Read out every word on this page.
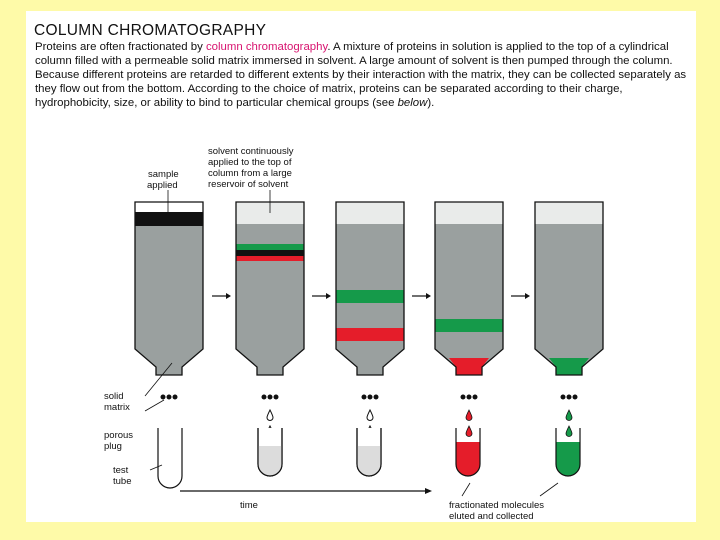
COLUMN CHROMATOGRAPHY
Proteins are often fractionated by column chromatography. A mixture of proteins in solution is applied to the top of a cylindrical column filled with a permeable solid matrix immersed in solvent. A large amount of solvent is then pumped through the column. Because different proteins are retarded to different extents by their interaction with the matrix, they can be collected separately as they flow out from the bottom. According to the choice of matrix, proteins can be separated according to their charge, hydrophobicity, size, or ability to bind to particular chemical groups (see below).
sample
applied
solvent continuously
applied to the top of
column from a large
reservoir of solvent
solid
matrix
porous
plug
test
tube
time	fractionated molecules
eluted and collected
